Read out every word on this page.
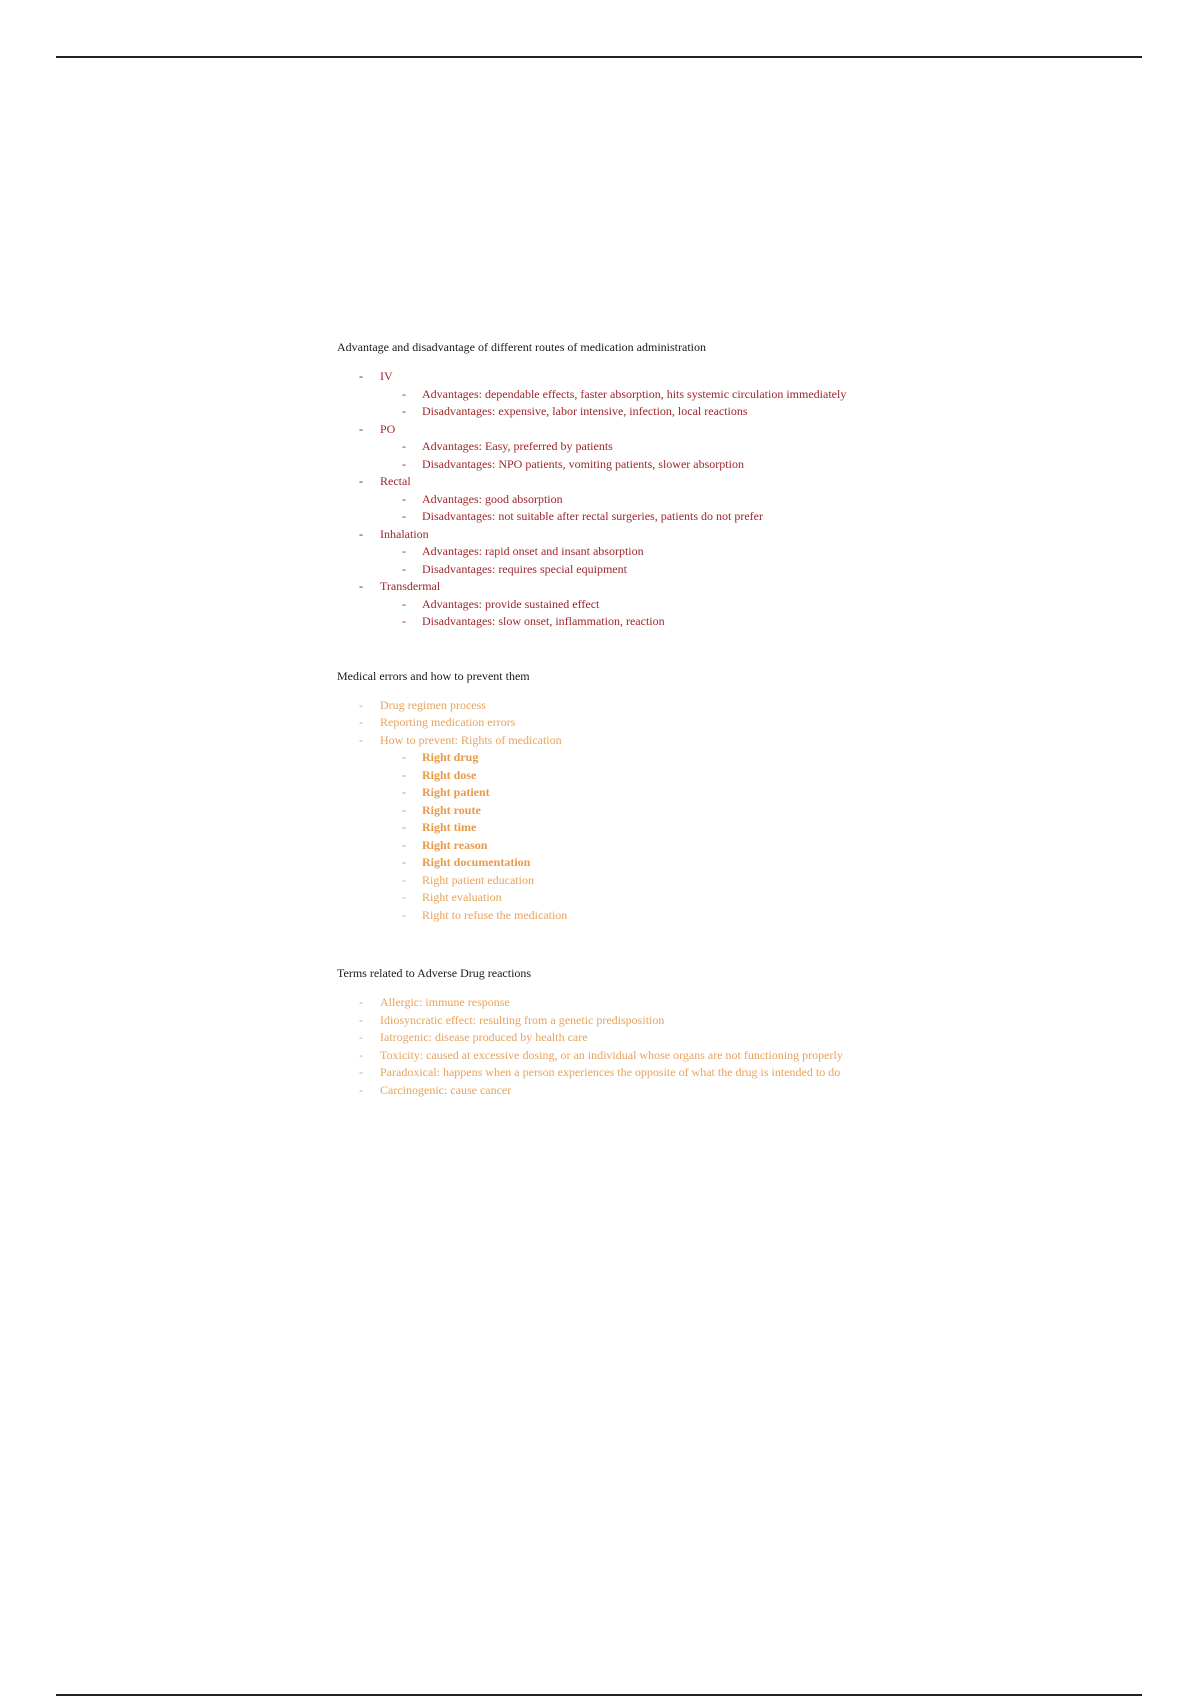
Advantage and disadvantage of different routes of medication administration

-	IV
-	Advantages: dependable effects, faster absorption, hits systemic circulation immediately
-	Disadvantages: expensive, labor intensive, infection, local reactions
-	PO
-	Advantages: Easy, preferred by patients
-	Disadvantages: NPO patients, vomiting patients, slower absorption
-	Rectal
-	Advantages: good absorption
-	Disadvantages: not suitable after rectal surgeries, patients do not prefer
-	Inhalation
-	Advantages: rapid onset and insant absorption
-	Disadvantages: requires special equipment
-	Transdermal
-	Advantages: provide sustained effect
-	Disadvantages: slow onset, inflammation, reaction

Medical errors and how to prevent them

-	Drug regimen process
-	Reporting medication errors
-	How to prevent: Rights of medication
-	Right drug
-	Right dose
-	Right patient
-	Right route
-	Right time
-	Right reason
-	Right documentation
-	Right patient education
-	Right evaluation
-	Right to refuse the medication

Terms related to Adverse Drug reactions

-	Allergic: immune response
-	Idiosyncratic effect: resulting from a genetic predisposition
-	Iatrogenic: disease produced by health care
-	Toxicity: caused at excessive dosing, or an individual whose organs are not functioning properly
-	Paradoxical: happens when a person experiences the opposite of what the drug is intended to do
-	Carcinogenic: cause cancer
